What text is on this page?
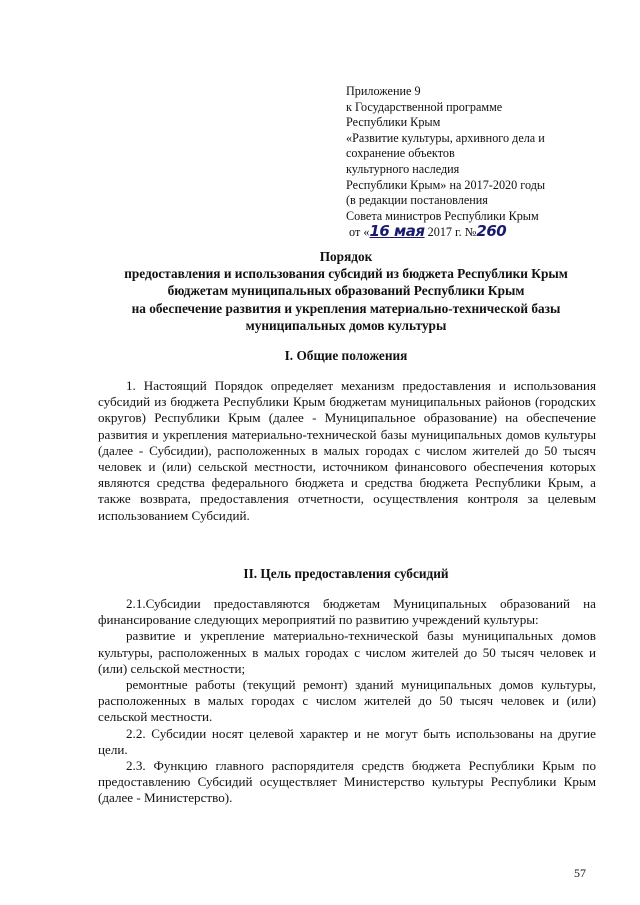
Приложение 9
к Государственной программе
Республики Крым
«Развитие культуры, архивного дела и
сохранение объектов
культурного наследия
Республики Крым» на 2017-2020 годы
(в редакции постановления
Совета министров Республики Крым
от «16 мая 2017 г. №260
Порядок
предоставления и использования субсидий из бюджета Республики Крым
бюджетам муниципальных образований Республики Крым
на обеспечение развития и укрепления материально-технической базы
муниципальных домов культуры
I. Общие положения

1. Настоящий Порядок определяет механизм предоставления и использования субсидий из бюджета Республики Крым бюджетам муниципальных районов (городских округов) Республики Крым (далее - Муниципальное образование) на обеспечение развития и укрепления материально-технической базы муниципальных домов культуры (далее - Субсидии), расположенных в малых городах с числом жителей до 50 тысяч человек и (или) сельской местности, источником финансового обеспечения которых являются средства федерального бюджета и средства бюджета Республики Крым, а также возврата, предоставления отчетности, осуществления контроля за целевым использованием Субсидий.

II. Цель предоставления субсидий

2.1.Субсидии предоставляются бюджетам Муниципальных образований на финансирование следующих мероприятий по развитию учреждений культуры:

развитие и укрепление материально-технической базы муниципальных домов культуры, расположенных в малых городах с числом жителей до 50 тысяч человек и (или) сельской местности;

ремонтные работы (текущий ремонт) зданий муниципальных домов культуры, расположенных в малых городах с числом жителей до 50 тысяч человек и (или) сельской местности.

2.2. Субсидии носят целевой характер и не могут быть использованы на другие цели.

2.3. Функцию главного распорядителя средств бюджета Республики Крым по предоставлению Субсидий осуществляет Министерство культуры Республики Крым (далее - Министерство).

57
